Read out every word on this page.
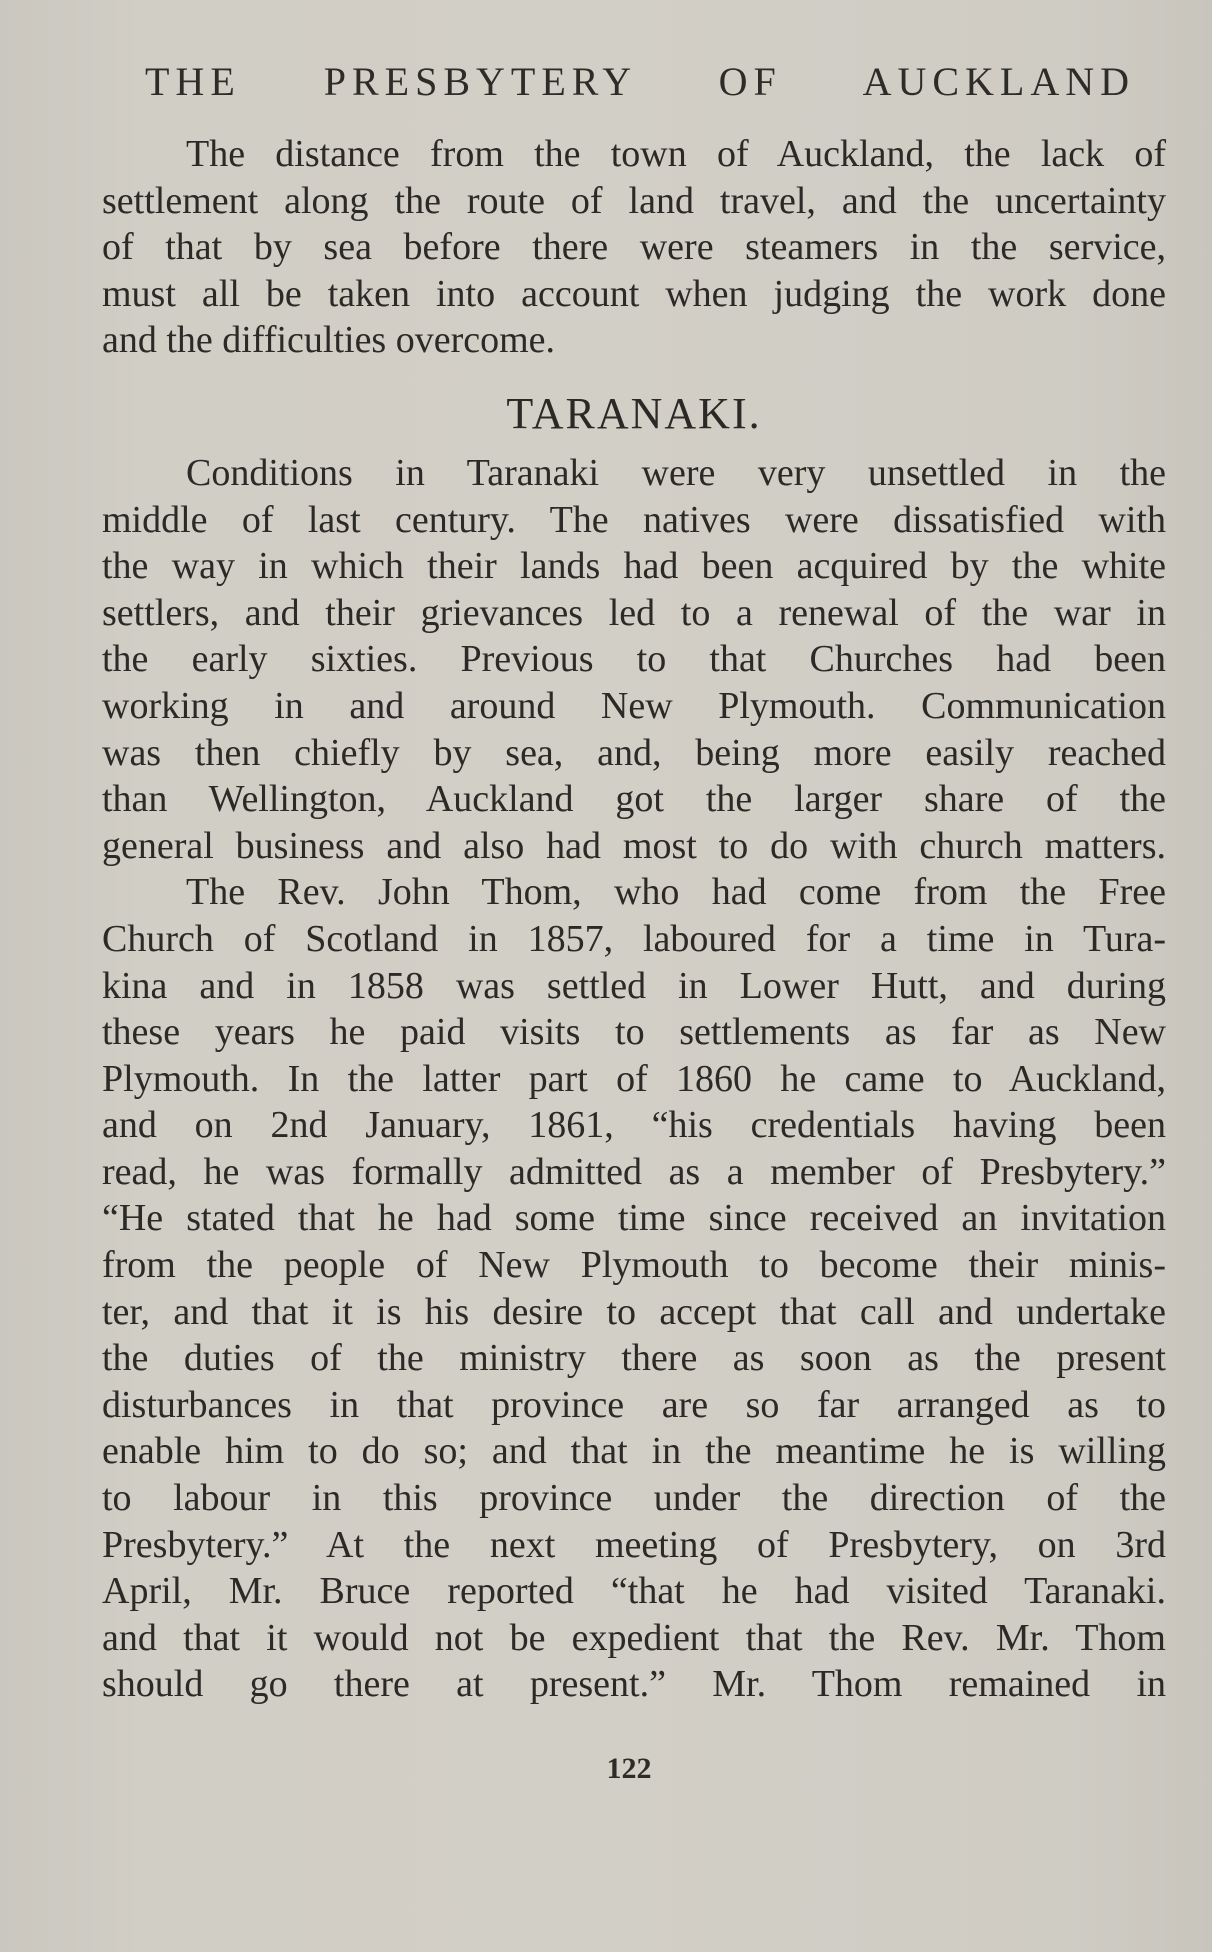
THE PRESBYTERY OF AUCKLAND
The distance from the town of Auckland, the lack of
settlement along the route of land travel, and the uncertainty
of that by sea before there were steamers in the service,
must all be taken into account when judging the work done
and the difficulties overcome.
TARANAKI.
Conditions in Taranaki were very unsettled in the
middle of last century. The natives were dissatisfied with
the way in which their lands had been acquired by the white
settlers, and their grievances led to a renewal of the war in
the early sixties. Previous to that Churches had been
working in and around New Plymouth. Communication
was then chiefly by sea, and, being more easily reached
than Wellington, Auckland got the larger share of the
general business and also had most to do with church matters.
The Rev. John Thom, who had come from the Free
Church of Scotland in 1857, laboured for a time in Tura-
kina and in 1858 was settled in Lower Hutt, and during
these years he paid visits to settlements as far as New
Plymouth. In the latter part of 1860 he came to Auckland,
and on 2nd January, 1861, “his credentials having been
read, he was formally admitted as a member of Presbytery.”
“He stated that he had some time since received an invitation
from the people of New Plymouth to become their minis-
ter, and that it is his desire to accept that call and undertake
the duties of the ministry there as soon as the present
disturbances in that province are so far arranged as to
enable him to do so; and that in the meantime he is willing
to labour in this province under the direction of the
Presbytery.” At the next meeting of Presbytery, on 3rd
April, Mr. Bruce reported “that he had visited Taranaki.
and that it would not be expedient that the Rev. Mr. Thom
should go there at present.” Mr. Thom remained in
122
